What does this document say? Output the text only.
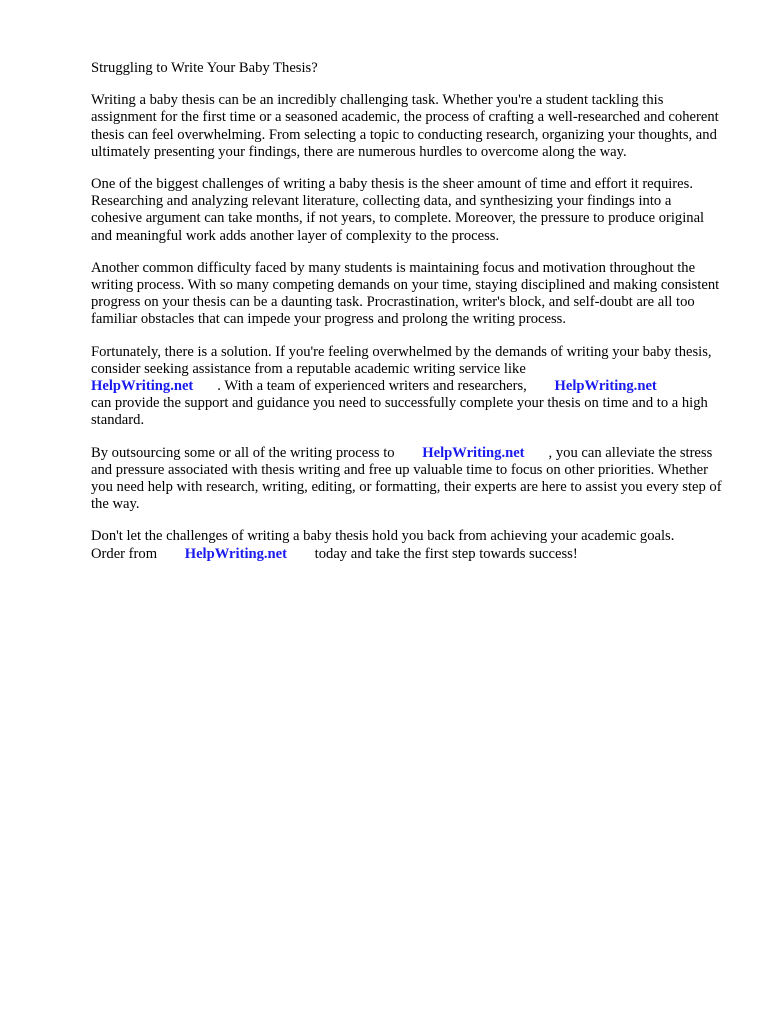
Struggling to Write Your Baby Thesis?
Writing a baby thesis can be an incredibly challenging task. Whether you're a student tackling this assignment for the first time or a seasoned academic, the process of crafting a well-researched and coherent thesis can feel overwhelming. From selecting a topic to conducting research, organizing your thoughts, and ultimately presenting your findings, there are numerous hurdles to overcome along the way.
One of the biggest challenges of writing a baby thesis is the sheer amount of time and effort it requires. Researching and analyzing relevant literature, collecting data, and synthesizing your findings into a cohesive argument can take months, if not years, to complete. Moreover, the pressure to produce original and meaningful work adds another layer of complexity to the process.
Another common difficulty faced by many students is maintaining focus and motivation throughout the writing process. With so many competing demands on your time, staying disciplined and making consistent progress on your thesis can be a daunting task. Procrastination, writer's block, and self-doubt are all too familiar obstacles that can impede your progress and prolong the writing process.
Fortunately, there is a solution. If you're feeling overwhelmed by the demands of writing your baby thesis, consider seeking assistance from a reputable academic writing service like
HelpWriting.net . With a team of experienced writers and researchers, HelpWriting.net
can provide the support and guidance you need to successfully complete your thesis on time and to a high standard.
By outsourcing some or all of the writing process to HelpWriting.net , you can alleviate the stress and pressure associated with thesis writing and free up valuable time to focus on other priorities. Whether you need help with research, writing, editing, or formatting, their experts are here to assist you every step of the way.
Don't let the challenges of writing a baby thesis hold you back from achieving your academic goals.
Order from HelpWriting.net today and take the first step towards success!
